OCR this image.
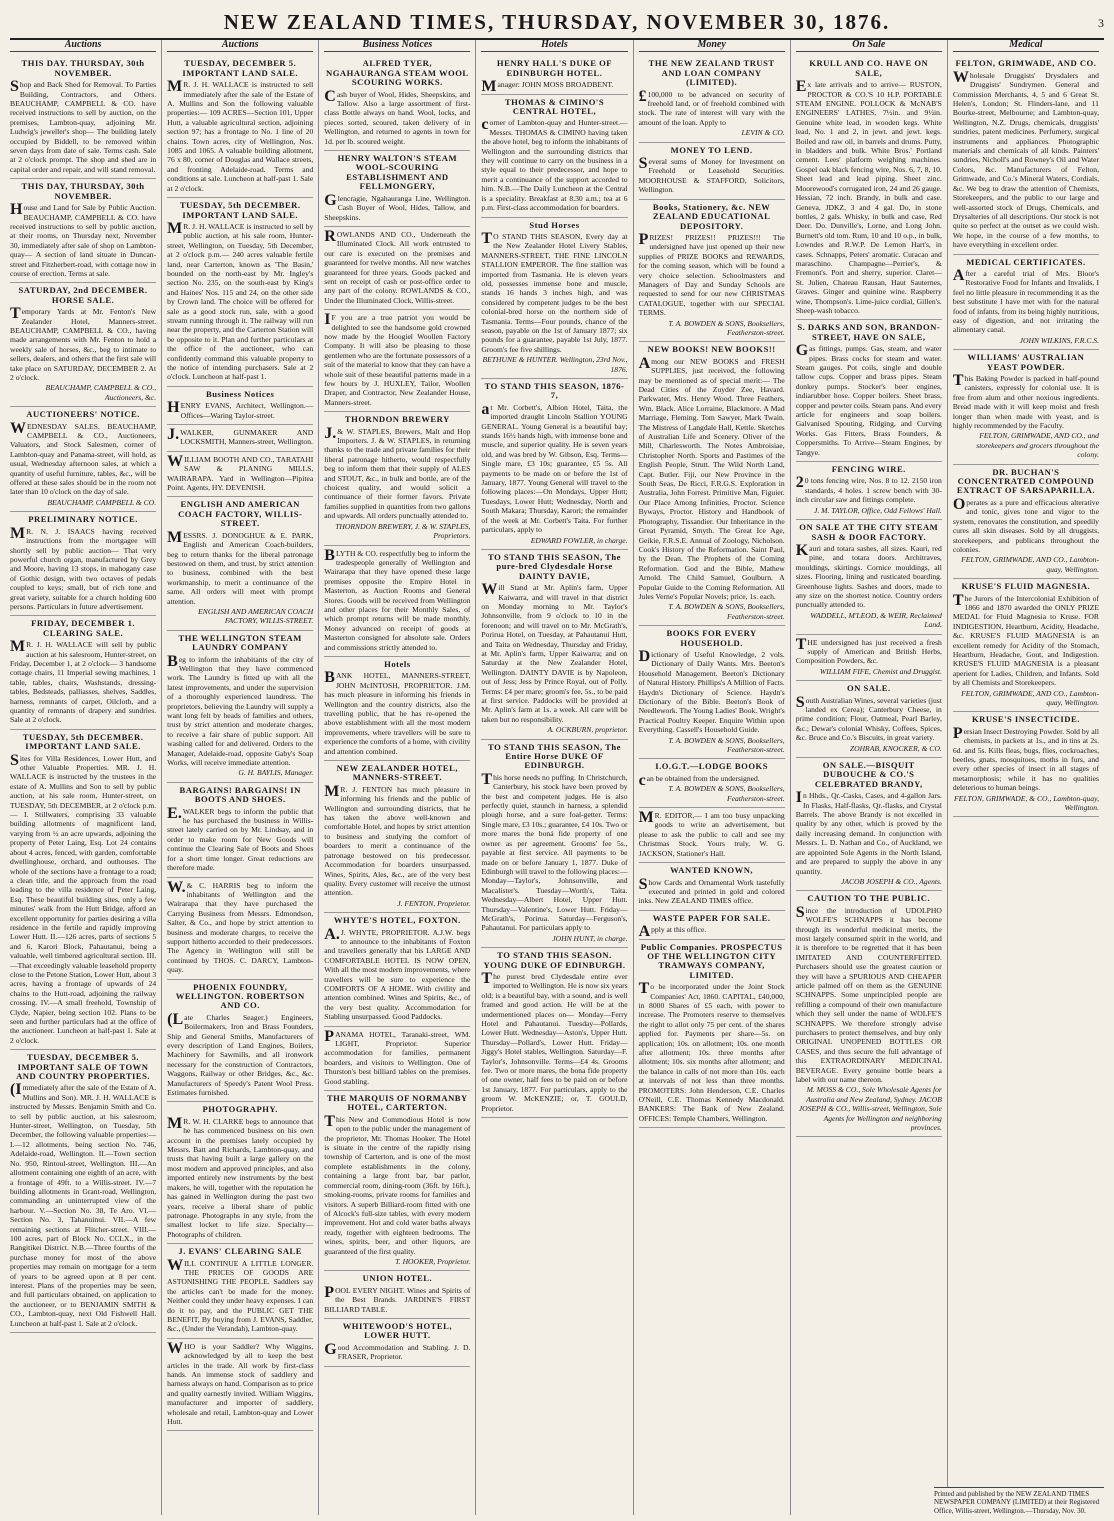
NEW ZEALAND TIMES, THURSDAY, NOVEMBER 30, 1876.	3
Auctions
THIS DAY. THURSDAY, 30th NOVEMBER.

Shop and Back Shed for Removal. To Parties Building, Contractors, and Others. BEAUCHAMP, CAMPBELL & CO. have received instructions to sell by auction, on the premises, Lambton-quay, adjoining Mr. Ludwig's jeweller's shop— The building lately occupied by Biddell, to be removed within seven days from date of sale. Terms cash. Sale at 2 o'clock prompt. The shop and shed are in capital order and repair, and will stand removal.

THIS DAY, THURSDAY, 30th NOVEMBER.

House and Land for Sale by Public Auction. BEAUCHAMP, CAMPBELL & CO. have received instructions to sell by public auction, at their rooms, on Thursday next, November 30, immediately after sale of shop on Lambton-quay— A section of land situate in Duncan-street and Fitzherbert-road, with cottage now in course of erection. Terms at sale.

SATURDAY, 2nd DECEMBER. HORSE SALE.

Temporary Yards at Mr. Fenton's New Zealander Hotel, Manners-street. BEAUCHAMP, CAMPBELL & CO., having made arrangements with Mr. Fenton to hold a weekly sale of horses, &c., beg to intimate to sellers, dealers, and others that the first sale will take place on SATURDAY, DECEMBER 2. At 2 o'clock.

BEAUCHAMP, CAMPBELL & CO., Auctioneers, &c.
AUCTIONEERS' NOTICE.

WEDNESDAY SALES. BEAUCHAMP, CAMPBELL & CO., Auctioneers, Valuators, and Stock Salesmen, corner of Lambton-quay and Panama-street, will hold, as usual, Wednesday afternoon sales, at which a quantity of useful furniture, tables, &c., will be offered at these sales should be in the room not later than 10 o'clock on the day of sale.

BEAUCHAMP, CAMPBELL & CO.
PRELIMINARY NOTICE.

MR. N. J. ISAACS having received instructions from the mortgagee will shortly sell by public auction— That very powerful church organ, manufactured by Grey and Moore, having 13 stops, in mahogany case of Gothic design, with two octaves of pedals coupled to keys; small, but of rich tone and great variety, suitable for a church holding 600 persons. Particulars in future advertisement.

FRIDAY, DECEMBER 1. CLEARING SALE.

MR. J. H. WALLACE will sell by public auction at his salesroom, Hunter-street, on Friday, December 1, at 2 o'clock— 3 handsome cottage chairs, 11 Imperial sewing machines, 1 table, tables, chairs, Washstands, dressing-tables, Bedsteads, palliasses, shelves, Saddles, harness, remnants of carpet, Oilcloth, and a quantity of remnants of drapery and sundries. Sale at 2 o'clock.

TUESDAY, 5th DECEMBER. IMPORTANT LAND SALE.

Sites for Villa Residences, Lower Hutt, and other Valuable Properties. MR. J. H. WALLACE is instructed by the trustees in the estate of A. Mullins and Son to sell by public auction, at his sale room, Hunter-street, on TUESDAY, 5th DECEMBER, at 2 o'clock p.m.— I. Stillwaters, comprising 33 valuable building allotments of magnificent land, varying from ½ an acre upwards, adjoining the property of Peter Laing, Esq. Lot 24 contains about 4 acres, fenced, with garden, comfortable dwellinghouse, orchard, and outhouses. The whole of the sections have a frontage to a road; a clean title, and the approach from the road leading to the villa residence of Peter Laing, Esq. These beautiful building sites, only a few minutes' walk from the Hutt Bridge, afford an excellent opportunity for parties desiring a villa residence in the fertile and rapidly improving Lower Hutt. II.—126 acres, parts of sections 5 and 6, Karori Block, Pahautanui, being a valuable, well timbered agricultural section. III.—That exceedingly valuable leasehold property close to the Petone Station, Lower Hutt, about 3 acres, having a frontage of upwards of 24 chains to the Hutt-road, adjoining the railway crossing. IV.—A small freehold, Township of Clyde, Napier, being section 102. Plans to be seen and further particulars had at the office of the auctioneer. Luncheon at half-past 1. Sale at 2 o'clock.

TUESDAY, DECEMBER 5. IMPORTANT SALE OF TOWN AND COUNTRY PROPERTIES.

(Immediately after the sale of the Estate of A. Mullins and Son). MR. J. H. WALLACE is instructed by Messrs. Benjamin Smith and Co. to sell by public auction, at his salesroom, Hunter-street, Wellington, on Tuesday, 5th December, the following valuable properties:— I.—12 allotments, being section No. 746, Adelaide-road, Wellington. II.—Town section No. 950, Rintoul-street, Wellington. III.—An allotment containing one eighth of an acre, with a frontage of 49ft. to a Willis-street. IV.—7 building allotments in Grant-road, Wellington, commanding an uninterrupted view of the harbour. V.—Section No. 38, Te Aro. VI.—Section No. 3, Tahanuinui. VII.—A few remaining sections at Flitcher-street. VIII.—100 acres, part of Block No. CCLX., in the Rangitikei District. N.B.—Three fourths of the purchase money for most of the above properties may remain on mortgage for a term of years to be agreed upon at 8 per cent. interest. Plans of the properties may be seen, and full particulars obtained, on application to the auctioneer, or to BENJAMIN SMITH & CO., Lambton-quay, next Old Fishwell Hall. Luncheon at half-past 1. Sale at 2 o'clock.

Auctions
TUESDAY, DECEMBER 5. IMPORTANT LAND SALE.

MR. J. H. WALLACE is instructed to sell immediately after the sale of the Estate of A. Mullins and Son the following valuable properties:— 109 ACRES—Section 101, Upper Hutt, a valuable agricultural section, adjoining section 97; has a frontage to No. 1 line of 20 chains. Town acres, city of Wellington, Nos. 1085 and 1065. A valuable building allotment, 76 x 80, corner of Douglas and Wallace streets, and fronting Adelaide-road. Terms and conditions at sale. Luncheon at half-past 1. Sale at 2 o'clock.

TUESDAY, 5th DECEMBER. IMPORTANT LAND SALE.

MR. J. H. WALLACE is instructed to sell by public auction, at his sale room, Hunter-street, Wellington, on Tuesday, 5th December, at 2 o'clock p.m.— 240 acres valuable fertile land, near Carterton, known as 'The Basin,' bounded on the north-east by Mr. Ingley's section No. 235, on the south-east by King's and Haines' Nos. 115 and 24, on the other side by Crown land. The choice will be offered for sale as a good stock run, sale, with a good stream running through it. The railway will run near the property, and the Carterton Station will be opposite to it. Plan and further particulars at the office of the auctioneer, who can confidently command this valuable property to the notice of intending purchasers. Sale at 2 o'clock. Luncheon at half-past 1.

Business Notices

HENRY EVANS, Architect, Wellington.—Offices—Waring Taylor-street.

J.WALKER, GUNMAKER AND LOCKSMITH, Manners-street, Wellington.

WILLIAM BOOTH AND CO., TARATAHI SAW & PLANING MILLS, WAIRARAPA. Yard in Wellington—Pipitea Point. Agents, HY. DEVENISH.

ENGLISH AND AMERICAN COACH FACTORY, WILLIS-STREET.

MESSRS. J. DONOGHUE & E. PARK, English and American Coach-builders, beg to return thanks for the liberal patronage bestowed on them, and trust, by strict attention to business, combined with the best workmanship, to merit a continuance of the same. All orders will meet with prompt attention.

ENGLISH AND AMERICAN COACH FACTORY, WILLIS-STREET.
THE WELLINGTON STEAM LAUNDRY COMPANY

Beg to inform the inhabitants of the city of Wellington that they have commenced work. The Laundry is fitted up with all the latest improvements, and under the supervision of a thoroughly experienced laundress. The proprietors, believing the Laundry will supply a want long felt by heads of families and others, trust by strict attention and moderate charges, to receive a fair share of public support. All washing called for and delivered. Orders to the Manager, Adelaide-road, opposite Gaby's Soap Works, will receive immediate attention.

G. H. BAYLIS, Manager.
BARGAINS! BARGAINS! IN BOOTS AND SHOES.

E.WALKER begs to inform the public that he has purchased the business in Willis-street lately carried on by Mr. Lindsay, and in order to make room for New Goods will continue the Clearing Sale of Boots and Shoes for a short time longer. Great reductions are therefore made.

W.& C. HARRIS beg to inform the inhabitants of Wellington and the Wairarapa that they have purchased the Carrying Business from Messrs. Edmondson, Salter, & Co., and hope by strict attention to business and moderate charges, to receive the support hitherto accorded to their predecessors. The Agency in Wellington will still be continued by THOS. C. DARCY, Lambton-quay.

PHOENIX FOUNDRY, WELLINGTON. ROBERTSON AND CO.

(Late Charles Seager.) Engineers, Boilermakers, Iron and Brass Founders, Ship and General Smiths, Manufacturers of every description of Land Engines, Boilers, Machinery for Sawmills, and all ironwork necessary for the construction of Contractors, Waggons, Railway or other Bridges, &c., &c. Manufacturers of Speedy's Patent Wool Press. Estimates furnished.

PHOTOGRAPHY.

MR. W. H. CLARKE begs to announce that he has commenced business on his own account in the premises lately occupied by Messrs. Batt and Richards, Lambton-quay, and trusts that having built a large gallery on the most modern and approved principles, and also imported entirely new instruments by the best makers, he will, together with the reputation he has gained in Wellington during the past two years, receive a liberal share of public patronage. Photographs in any style, from the smallest locket to life size. Specialty—Photographs of children.

J. EVANS' CLEARING SALE

WILL CONTINUE A LITTLE LONGER. THE PRICES OF GOODS ARE ASTONISHING THE PEOPLE. Saddlers say the articles can't be made for the money. Neither could they under heavy expenses. I can do it to pay, and the PUBLIC GET THE BENEFIT, By buying from J. EVANS, Saddler, &c., (Under the Verandah), Lambton-quay.

WHO is your Saddler? Why Wiggins, acknowledged by all to keep the best articles in the trade. All work by first-class hands. An immense stock of saddlery and harness always on hand. Comparison as to price and quality earnestly invited. William Wiggins, manufacturer and importer of saddlery, wholesale and retail, Lambton-quay and Lower Hutt.

Business Notices
ALFRED TYER, NGAHAURANGA STEAM WOOL SCOURING WORKS.

Cash buyer of Wool, Hides, Sheepskins, and Tallow. Also a large assortment of first-class Bottle always on hand. Wool, locks, and pieces sorted, scoured, taken delivery of in Wellington, and returned to agents in town for 1d. per lb. scoured weight.

HENRY WALTON'S STEAM WOOL-SCOURING ESTABLISHMENT AND FELLMONGERY,

Glencragie, Ngahauranga Line, Wellington. Cash Buyer of Wool, Hides, Tallow, and Sheepskins.

ROWLANDS AND CO., Underneath the Illuminated Clock. All work entrusted to our care is executed on the premises and guaranteed for twelve months. All new watches guaranteed for three years. Goods packed and sent on receipt of cash or post-office order to any part of the colony. ROWLANDS & CO., Under the Illuminated Clock, Willis-street.

IF you are a true patriot you would be delighted to see the handsome gold crowned now made by the Hoogiel Woollen Factory Company. It will also be pleasing to those gentlemen who are the fortunate possessors of a suit of the material to know that they can have a whole suit of these beautiful patterns made in a few hours by J. HUXLEY, Tailor, Woollen Draper, and Contractor, New Zealander House, Manners-street.

THORNDON BREWERY

J.& W. STAPLES, Brewers, Malt and Hop Importers. J. & W. STAPLES, in returning thanks to the trade and private families for their liberal patronage hitherto, would respectfully beg to inform them that their supply of ALES and STOUT, &c., in bulk and bottle, are of the choicest quality, and would solicit a continuance of their former favors. Private families supplied in quantities from two gallons and upwards. All orders punctually attended to.

THORNDON BREWERY, J. & W. STAPLES, Proprietors.

BLYTH & CO. respectfully beg to inform the tradespeople generally of Wellington and Wairarapa that they have opened these large premises opposite the Empire Hotel in Masterton, as Auction Rooms and General Stores. Goods will be received from Wellington and other places for their Monthly Sales, of which prompt returns will be made monthly. Money advanced on receipt of goods at Masterton consigned for absolute sale. Orders and commissions strictly attended to.

Hotels

BANK HOTEL, MANNERS-STREET, JOHN McINTOSH, PROPRIETOR. J.M. has much pleasure in informing his friends in Wellington and the country districts, also the travelling public, that he has re-opened the above establishment with all the most modern improvements, where travellers will be sure to experience the comforts of a home, with civility and attention combined.

NEW ZEALANDER HOTEL, MANNERS-STREET.

MR. J. FENTON has much pleasure in informing his friends and the public of Wellington and surrounding districts, that he has taken the above well-known and comfortable Hotel, and hopes by strict attention to business and studying the comfort of boarders to merit a continuance of the patronage bestowed on his predecessor. Accommodation for boarders unsurpassed. Wines, Spirits, Ales, &c., are of the very best quality. Every customer will receive the utmost attention.

J. FENTON, Proprietor.
WHYTE'S HOTEL, FOXTON.

A.J. WHYTE, PROPRIETOR. A.J.W. begs to announce to the inhabitants of Foxton and travellers generally that his LARGE AND COMFORTABLE HOTEL IS NOW OPEN, With all the most modern improvements, where travellers will be sure to experience the COMFORTS OF A HOME. With civility and attention combined. Wines and Spirits, &c., of the very best quality. Accommodation for Stabling unsurpassed. Good Paddocks.

PANAMA HOTEL, Taranaki-street, WM. LIGHT, Proprietor. Superior accommodation for families, permanent boarders, and visitors to Wellington. One of Thurston's best billiard tables on the premises. Good stabling.

THE MARQUIS OF NORMANBY HOTEL, CARTERTON.

This New and Commodious Hotel is now open to the public under the management of the proprietor, Mr. Thomas Hooker. The Hotel is situate in the centre of the rapidly rising township of Carterton, and is one of the most complete establishments in the colony, containing a large front bar, bar parlor, commercial room, dining-room (36ft. by 16ft.), smoking-rooms, private rooms for families and visitors. A superb Billiard-room fitted with one of Alcock's full-size tables, with every modern improvement. Hot and cold water baths always ready, together with eighteen bedrooms. The wines, spirits, beer, and other liquors, are guaranteed of the first quality.

T. HOOKER, Proprietor.
UNION HOTEL.

POOL EVERY NIGHT. Wines and Spirits of the Best Brands. JARDINE'S FIRST BILLIARD TABLE.

WHITEWOOD'S HOTEL, LOWER HUTT.

Good Accommodation and Stabling. J. D. FRASER, Proprietor.

Hotels
HENRY HALL'S DUKE OF EDINBURGH HOTEL.

Manager: JOHN MOSS BROADBENT.

THOMAS & CIMINO'S CENTRAL HOTEL,

corner of Lambton-quay and Hunter-street.—Messrs. THOMAS & CIMINO having taken the above hotel, beg to inform the inhabitants of Wellington and the surrounding districts that they will continue to carry on the business in a style equal to their predecessor, and hope to merit a continuance of the support accorded to him. N.B.—The Daily Luncheon at the Central is a speciality. Breakfast at 8.30 a.m.; tea at 6 p.m. First-class accommodation for boarders.

Stud Horses

TO STAND THIS SEASON, Every day at the New Zealander Hotel Livery Stables, MANNERS-STREET, THE FINE LINCOLN STALLION EMPEROR. The fine stallion was imported from Tasmania. He is eleven years old, possesses immense bone and muscle, stands 16 hands 3 inches high, and was considered by competent judges to be the best colonial-bred horse on the northern side of Tasmania. Terms—Four pounds, chance of the season, payable on the 1st of January 1877; six pounds for a guarantee, payable 1st July, 1877. Groom's fee five shillings.

BETHUNE & HUNTER. Wellington, 23rd Nov., 1876.
TO STAND THIS SEASON, 1876-7,

at Mr. Corbett's, Albion Hotel, Taita, the imported draught Lincoln Stallion YOUNG GENERAL. Young General is a beautiful bay; stands 16½ hands high, with immense bone and muscle, and superior quality. He is seven years old, and was bred by W. Gibson, Esq. Terms—Single mare, £3 10s; guarantee, £5 5s. All payments to be made on or before the 1st of January, 1877. Young General will travel to the following places:—On Mondays, Upper Hutt; Tuesdays, Lower Hutt; Wednesday, North and South Makara; Thursday, Karori; the remainder of the week at Mr. Corbett's Taita. For further particulars, apply to

EDWARD FOWLER, in charge.
TO STAND THIS SEASON, The pure-bred Clydesdale Horse DAINTY DAVIE,

Will Stand at Mr. Aplin's farm, Upper Kaiwarra, and will travel in that district on Monday morning to Mr. Taylor's Johnsonville, from 9 o'clock to 10 in the forenoon; and will travel on to Mr. McGrath's, Porirua Hotel, on Tuesday, at Pahautanui Hutt, and Taita on Wednesday, Thursday and Friday, at Mr. Aplin's farm, Upper Kaiwarra; and on Saturday at the New Zealander Hotel, Wellington. DAINTY DAVIE is by Napoleon, out of Jess; Jess by Prince Royal, out of Polly. Terms: £4 per mare; groom's fee, 5s., to be paid at first service. Paddocks will be provided at Mr. Aplin's farm at 1s. a week. All care will be taken but no responsibility.

A. OCKBURN, proprietor.
TO STAND THIS SEASON, The Entire Horse DUKE OF EDINBURGH.

This horse needs no puffing. In Christchurch, Canterbury, his stock have been proved by the best and competent judges. He is also perfectly quiet, staunch in harness, a splendid plough horse, and a sure foal-getter. Terms: Single mare, £3 10s.; guarantee, £4 10s. Two or more mares the boná fide property of one owner as per agreement. Grooms' fee 5s., payable at first service. All payments to be made on or before January 1, 1877. Duke of Edinburgh will travel to the following places:— Monday—Taylor's, Johnsonville, and Macalister's. Tuesday—Worth's, Taita. Wednesday—Albert Hotel, Upper Hutt. Thursday—Valentine's, Lower Hutt. Friday—McGrath's, Porirua. Saturday—Ferguson's, Pahautanui. For particulars apply to

JOHN HUNT, in charge.
TO STAND THIS SEASON. YOUNG DUKE OF EDINBURGH.

The purest bred Clydesdale entire ever imported to Wellington. He is now six years old; is a beautiful bay, with a sound, and is well framed and good action. He will be at the undermentioned places on— Monday—Ferry Hotel and Pahautanui. Tuesday—Pollards, Lower Hutt. Wednesday—Aston's, Upper Hutt. Thursday—Pollard's, Lower Hutt. Friday—Jiggy's Hotel stables, Wellington. Saturday—F. Taylor's, Johnsonville. Terms—£4 4s. Grooms fee. Two or more mares, the bona fide property of one owner, half fees to be paid on or before 1st January, 1877. For particulars, apply to the groom W. McKENZIE; or, T. GOULD, Proprietor.

Money
THE NEW ZEALAND TRUST AND LOAN COMPANY (LIMITED).

£100,000 to be advanced on security of freehold land, or of freehold combined with stock. The rate of interest will vary with the amount of the loan. Apply to

LEVIN & CO.
MONEY TO LEND.

Several sums of Money for Investment on Freehold or Leasehold Securities. MOORHOUSE & STAFFORD, Solicitors, Wellington.

Books, Stationery, &c. NEW ZEALAND EDUCATIONAL DEPOSITORY.

PRIZES! PRIZES!! PRIZES!!! The undersigned have just opened up their new supplies of PRIZE BOOKS and REWARDS, for the coming season, which will be found a very choice selection. Schoolmasters and Managers of Day and Sunday Schools are requested to send for our new CHRISTMAS CATALOGUE, together with our SPECIAL TERMS.

T. A. BOWDEN & SONS, Booksellers, Featherston-street.
NEW BOOKS! NEW BOOKS!!

Among our NEW BOOKS and FRESH SUPPLIES, just received, the following may be mentioned as of special merit:— The Dead Cities of the Zuyder Zee, Havard. Parkwater, Mrs. Henry Wood. Three Feathers, Wm. Black. Alice Lorraine, Blackmore. A Mad Marriage, Fleming. Tom Sawyer, Mark Twain. The Mistress of Langdale Hall, Kettle. Sketches of Australian Life and Scenery. Oliver of the Mill, Charlesworth. The Notes Ambroisiae, Christopher North. Sports and Pastimes of the English People, Strutt. The Wild North Land, Capt. Butler. Fiji, our New Province in the South Seas, De Ricci, F.R.G.S. Exploration in Australia, John Forrest. Primitive Man, Figuier. Our Place Among Infinities, Proctor. Science Byways, Proctor. History and Handbook of Photography, Tissandier. Our Inheritance in the Great Pyramid, Smyth. The Great Ice Age, Geikie, F.R.S.E. Annual of Zoology, Nicholson. Cook's History of the Reformation. Saint Paul, by the Dean. The Prophets of the Coming Reformation. God and the Bible, Mathew Arnold. The Child Samuel, Goulburn. A Popular Guide to the Coming Reformation. All Jules Verne's Popular Novels; price, 1s. each.

T. A. BOWDEN & SONS, Booksellers, Featherston-street.
BOOKS FOR EVERY HOUSEHOLD.

Dictionary of Useful Knowledge, 2 vols. Dictionary of Daily Wants. Mrs. Beeton's Household Management. Beeton's Dictionary of Natural History. Phillips's A Million of Facts. Haydn's Dictionary of Science. Haydn's Dictionary of the Bible. Beeton's Book of Needlework. The Young Ladies' Book. Wright's Practical Poultry Keeper. Enquire Within upon Everything. Cassell's Household Guide.

T. A. BOWDEN & SONS, Booksellers, Featherston-street.
I.O.G.T.—LODGE BOOKS

can be obtained from the undersigned.

T. A. BOWDEN & SONS, Booksellers, Featherston-street.

MR. EDITOR,— I am too busy unpacking goods to write an advertisement, but please to ask the public to call and see my Christmas Stock. Yours truly, W. G. JACKSON, Stationer's Hall.

WANTED KNOWN,

Show Cards and Ornamental Work tastefully executed and printed in gold and colored inks. New ZEALAND TIMES office.

WASTE PAPER FOR SALE.

Apply at this office.

Public Companies. PROSPECTUS OF THE WELLINGTON CITY TRAMWAYS COMPANY, LIMITED.

To be incorporated under the Joint Stock Companies' Act, 1860. CAPITAL, £40,000, in 8000 Shares of £5 each, with power to increase. The Promoters reserve to themselves the right to allot only 75 per cent. of the shares applied for. Payments per share—5s. on application; 10s. on allotment; 10s. one month after allotment; 10s. three months after allotment; 10s. six months after allotment; and the balance in calls of not more than 10s. each at intervals of not less than three months. PROMOTERS: John Henderson, C.E. Charles O'Neill, C.E. Thomas Kennedy Macdonald. BANKERS: The Bank of New Zealand. OFFICES: Temple Chambers, Wellington.

On Sale
KRULL AND CO. HAVE ON SALE,

Ex late arrivals and to arrive— RUSTON, PROCTOR & CO.'S 10 H.P. PORTABLE STEAM ENGINE. POLLOCK & McNAB'S ENGINEERS' LATHES, 7½in. and 9½in. Genuine white lead, in wooden kegs. White lead, No. 1 and 2, in jewt. and jewt. kegs. Boiled and raw oil, in barrels and drums. Putty, in bladders and bulk. White Bros.' Portland cement. Lees' platform weighing machines. Gospel oak black fencing wire, Nos. 6, 7, 8, 10. Sheet lead and lead piping. Sheet zinc. Moorewood's corrugated iron, 24 and 26 gauge. Hessian, 72 inch. Brandy, in bulk and case. Geneva, JDKZ, 3 and 4 gal. Do, in stone bottles, 2 gals. Whisky, in bulk and case, Red Deer. Do. Dunville's, Lorne, and Long John. Burnett's old tom. Rum, 10 and 10 o.p., in bulk, Lowndes and R.W.P. De Lemon Hart's, in cases. Schnapps, Peters' aromatic. Curacao and maraschino. Champagne—Perrier's, & Fremont's. Port and sherry, superior. Claret—St. Julien, Chateau Rausan, Haut Sauternes, Graves. Ginger and quinine wine. Raspberry wine, Thompson's. Lime-juice cordial, Gillen's. Sheep-wash tobacco.

S. DARKS AND SON, BRANDON-STREET, HAVE ON SALE,

Gas fittings, pumps. Gas, steam, and water pipes. Brass cocks for steam and water. Steam gauges. Pot coils, single and double tallow cups. Copper and brass pipes. Steam donkey pumps. Stocker's beer engines, indiarubber hose. Copper boilers. Sheet brass, copper and pewter coils. Steam pans. And every article for engineers and soap boilers. Galvanised Spouting, Ridging, and Curving Works. Gas Fitters, Brass Founders, & Coppersmiths. To Arrive—Steam Engines, by Tangye.

FENCING WIRE.

20 tons fencing wire, Nos. 8 to 12. 2150 iron standards, 4 holes. 1 screw bench with 30-inch circular saw and fittings complete.

J. M. TAYLOR, Office, Odd Fellows' Hall.
ON SALE AT THE CITY STEAM SASH & DOOR FACTORY.

Kauri and totara sashes, all sizes. Kauri, red pine, and totara doors. Architraves, mouldings, skirtings. Cornice mouldings, all sizes. Flooring, lining and rusticated boarding. Greenhouse lights. Sashes and doors, made to any size on the shortest notice. Country orders punctually attended to.

WADDELL, M'LEOD, & WEIR, Reclaimed Land.

THE undersigned has just received a fresh supply of American and British Herbs, Composition Powders, &c.

WILLIAM FIFE, Chemist and Druggist.
ON SALE.

South Australian Wines, several varieties (just landed ex Cerea); Canterbury Cheese, in prime condition; Flour, Oatmeal, Pearl Barley, &c.; Dewar's colonial Whisky, Coffees, Spices, &c. Bruce and Co.'s Biscuits, in great variety.

ZOHRAB, KNOCKER, & CO.
ON SALE.—BISQUIT DUBOUCHE & CO.'S CELEBRATED BRANDY,

In Hhds., Qr.-Casks, Cases, and 4-gallon Jars. In Flasks, Half-flasks, Qr.-flasks, and Crystal Barrels. The above Brandy is not excelled in quality by any other, which is proved by the daily increasing demand. In conjunction with Messrs. L. D. Nathan and Co., of Auckland, we are appointed Sole Agents in the North Island, and are prepared to supply the above in any quantity.

JACOB JOSEPH & CO., Agents.
CAUTION TO THE PUBLIC.

Since the introduction of UDOLPHO WOLFE'S SCHNAPPS it has become through its wonderful medicinal merits, the most largely consumed spirit in the world, and it is therefore to be regretted that it has been IMITATED AND COUNTERFEITED. Purchasers should use the greatest caution or they will have a SPURIOUS AND CHEAPER article palmed off on them as the GENUINE SCHNAPPS. Some unprincipled people are refilling a compound of their own manufacture which they sell under the name of WOLFE'S SCHNAPPS. We therefore strongly advise purchasers to protect themselves, and buy only ORIGINAL UNOPENED BOTTLES OR CASES, and thus secure the full advantage of this EXTRAORDINARY MEDICINAL BEVERAGE. Every genuine bottle bears a label with our name thereon.

M. MOSS & CO., Sole Wholesale Agents for Australia and New Zealand, Sydney. JACOB JOSEPH & CO., Willis-street, Wellington, Sole Agents for Wellington and neighboring provinces.
Medical
FELTON, GRIMWADE, AND CO.

Wholesale Druggists' Drysdalers and Druggists' Sundrymen. General and Commission Merchants, 4, 5 and 6 Great St. Helen's, London; St. Flinders-lane, and 11 Bourke-street, Melbourne; and Lambton-quay, Wellington, N.Z. Drugs, chemicals, druggists' sundries, patent medicines. Perfumery, surgical instruments and appliances. Photographic materials and chemicals of all kinds. Painters' sundries, Nicholl's and Rowney's Oil and Water Colors, &c. Manufacturers of Felton, Grimwade, and Co.'s Mineral Waters, Cordials, &c. We beg to draw the attention of Chemists, Storekeepers, and the public to our large and well-assorted stock of Drugs, Chemicals, and Drysalteries of all descriptions. Our stock is not quite so perfect at the outset as we could wish. We hope, in the course of a few months, to have everything in excellent order.

MEDICAL CERTIFICATES.

After a careful trial of Mrs. Bloor's Restorative Food for Infants and Invalids, I feel no little pleasure in recommending it as the best substitute I have met with for the natural food of infants, from its being highly nutritious, easy of digestion, and not irritating the alimentary canal.

JOHN WILKINS, F.R.C.S.
WILLIAMS' AUSTRALIAN YEAST POWDER.

This Baking Powder is packed in half-pound canisters, expressly for colonial use. It is free from alum and other noxious ingredients. Bread made with it will keep moist and fresh longer than when made with yeast, and is highly recommended by the Faculty.

FELTON, GRIMWADE, AND CO., and storekeepers and grocers throughout the colony.
DR. BUCHAN'S CONCENTRATED COMPOUND EXTRACT OF SARSAPARILLA.

Operates as a pure and efficacious alterative and tonic, gives tone and vigor to the system, renovates the constitution, and speedily cures all skin diseases. Sold by all druggists, storekeepers, and publicans throughout the colonies.

FELTON, GRIMWADE, AND CO., Lambton-quay, Wellington.
KRUSE'S FLUID MAGNESIA.

The Jurors of the Intercolonial Exhibition of 1866 and 1870 awarded the ONLY PRIZE MEDAL for Fluid Magnesia to Kruse. FOR INDIGESTION, Heartburn, Acidity, Headache, &c. KRUSE'S FLUID MAGNESIA is an excellent remedy for Acidity of the Stomach, Heartburn, Headache, Gout, and Indigestion. KRUSE'S FLUID MAGNESIA is a pleasant aperient for Ladies, Children, and Infants. Sold by all Chemists and Storekeepers.

FELTON, GRIMWADE, AND CO., Lambton-quay, Wellington.
KRUSE'S INSECTICIDE.

Persian Insect Destroying Powder. Sold by all chemists, in packets at 1s., and in tins at 2s. 6d. and 5s. Kills fleas, bugs, flies, cockroaches, beetles, gnats, mosquitoes, moths in furs, and every other species of insect in all stages of metamorphosis; while it has no qualities deleterious to human beings.

FELTON, GRIMWADE, & CO., Lambton-quay, Wellington.
Printed and published by the NEW ZEALAND TIMES NEWSPAPER COMPANY (LIMITED) at their Registered Office, Willis-street, Wellington.—Thursday, Nov. 30.
